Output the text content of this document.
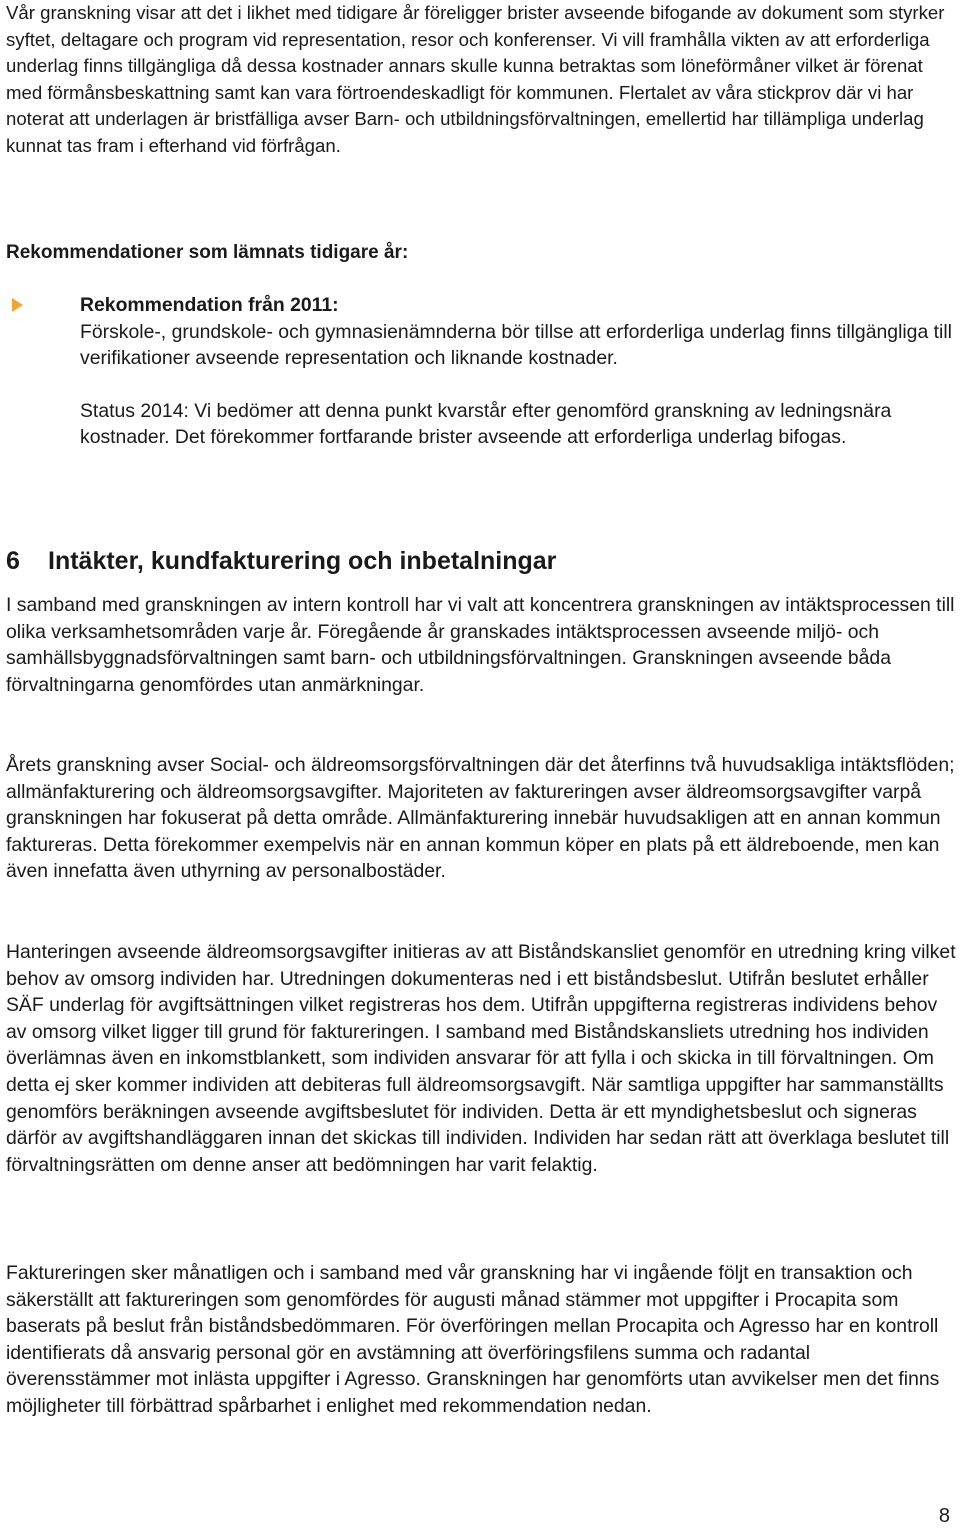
Vår granskning visar att det i likhet med tidigare år föreligger brister avseende bifogande av dokument som styrker syftet, deltagare och program vid representation, resor och konferenser. Vi vill framhålla vikten av att erforderliga underlag finns tillgängliga då dessa kostnader annars skulle kunna betraktas som löneförmåner vilket är förenat med förmånsbeskattning samt kan vara förtroendeskadligt för kommunen. Flertalet av våra stickprov där vi har noterat att underlagen är bristfälliga avser Barn- och utbildningsförvaltningen, emellertid har tillämpliga underlag kunnat tas fram i efterhand vid förfrågan.

Rekommendationer som lämnats tidigare år:

Rekommendation från 2011:

Förskole-, grundskole- och gymnasienämnderna bör tillse att erforderliga underlag finns tillgängliga till verifikationer avseende representation och liknande kostnader.

Status 2014: Vi bedömer att denna punkt kvarstår efter genomförd granskning av ledningsnära kostnader. Det förekommer fortfarande brister avseende att erforderliga underlag bifogas.

6	Intäkter, kundfakturering och inbetalningar

I samband med granskningen av intern kontroll har vi valt att koncentrera granskningen av intäktsprocessen till olika verksamhetsområden varje år. Föregående år granskades intäktsprocessen avseende miljö- och samhällsbyggnadsförvaltningen samt barn- och utbildningsförvaltningen. Granskningen avseende båda förvaltningarna genomfördes utan anmärkningar.

Årets granskning avser Social- och äldreomsorgsförvaltningen där det återfinns två huvudsakliga intäktsflöden; allmänfakturering och äldreomsorgsavgifter. Majoriteten av faktureringen avser äldreomsorgsavgifter varpå granskningen har fokuserat på detta område. Allmänfakturering innebär huvudsakligen att en annan kommun faktureras. Detta förekommer exempelvis när en annan kommun köper en plats på ett äldreboende, men kan även innefatta även uthyrning av personalbostäder.

Hanteringen avseende äldreomsorgsavgifter initieras av att Biståndskansliet genomför en utredning kring vilket behov av omsorg individen har. Utredningen dokumenteras ned i ett biståndsbeslut. Utifrån beslutet erhåller SÄF underlag för avgiftsättningen vilket registreras hos dem. Utifrån uppgifterna registreras individens behov av omsorg vilket ligger till grund för faktureringen. I samband med Biståndskansliets utredning hos individen överlämnas även en inkomstblankett, som individen ansvarar för att fylla i och skicka in till förvaltningen. Om detta ej sker kommer individen att debiteras full äldreomsorgsavgift. När samtliga uppgifter har sammanställts genomförs beräkningen avseende avgiftsbeslutet för individen. Detta är ett myndighetsbeslut och signeras därför av avgiftshandläggaren innan det skickas till individen. Individen har sedan rätt att överklaga beslutet till förvaltningsrätten om denne anser att bedömningen har varit felaktig.

Faktureringen sker månatligen och i samband med vår granskning har vi ingående följt en transaktion och säkerställt att faktureringen som genomfördes för augusti månad stämmer mot uppgifter i Procapita som baserats på beslut från biståndsbedömmaren. För överföringen mellan Procapita och Agresso har en kontroll identifierats då ansvarig personal gör en avstämning att överföringsfilens summa och radantal överensstämmer mot inlästa uppgifter i Agresso. Granskningen har genomförts utan avvikelser men det finns möjligheter till förbättrad spårbarhet i enlighet med rekommendation nedan.

8
